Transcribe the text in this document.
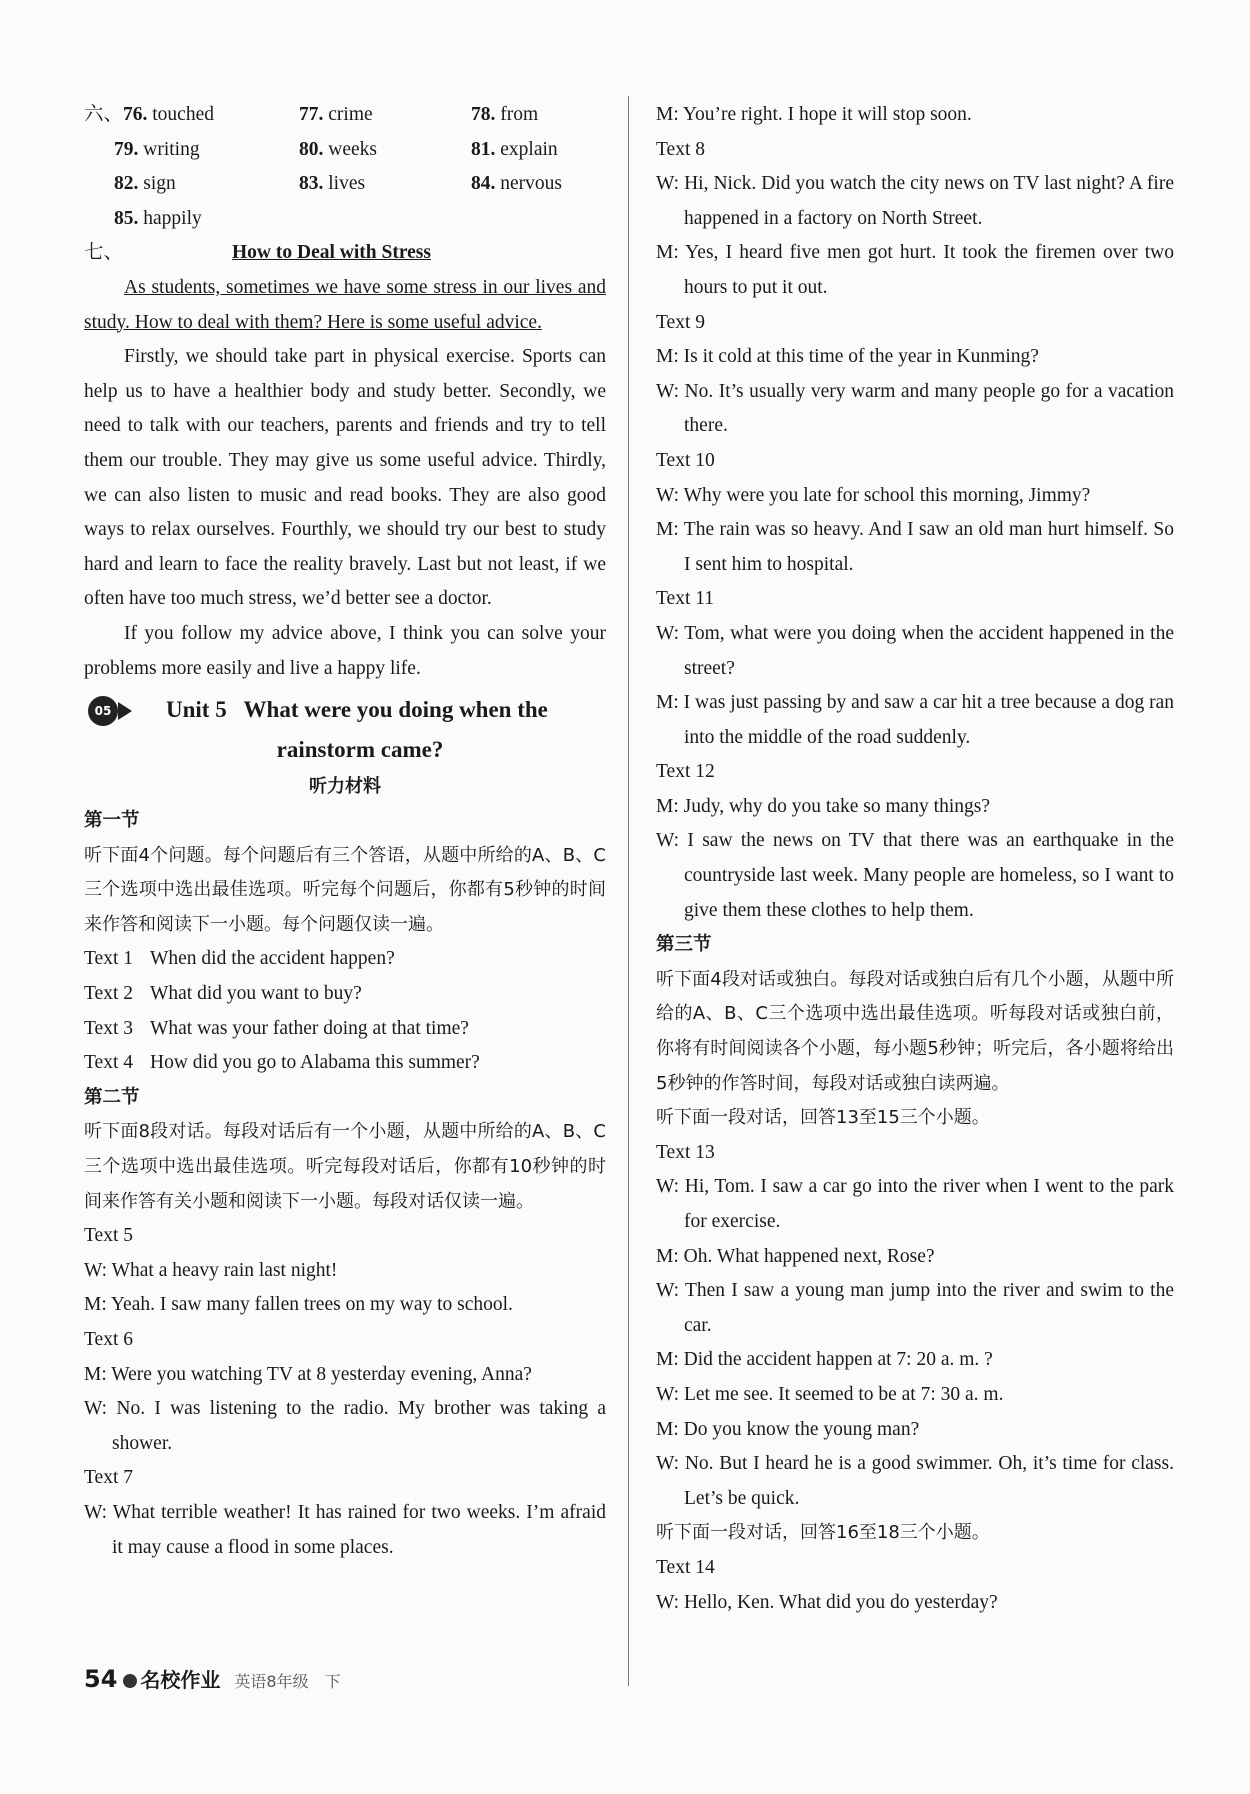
六、76. touched	77. crime	78. from
79. writing	80. weeks	81. explain
82. sign	83. lives	84. nervous
85. happily
七、	How to Deal with Stress
As students, sometimes we have some stress in our lives and study. How to deal with them? Here is some useful advice.
Firstly, we should take part in physical exercise. Sports can help us to have a healthier body and study better. Secondly, we need to talk with our teachers, parents and friends and try to tell them our trouble. They may give us some useful advice. Thirdly, we can also listen to music and read books. They are also good ways to relax ourselves. Fourthly, we should try our best to study hard and learn to face the reality bravely. Last but not least, if we often have too much stress, we’d better see a doctor.
If you follow my advice above, I think you can solve your problems more easily and live a happy life.
05	Unit 5   What were you doing when the
rainstorm came?
听力材料
第一节
听下面4个问题。每个问题后有三个答语，从题中所给的A、B、C三个选项中选出最佳选项。听完每个问题后，你都有5秒钟的时间来作答和阅读下一小题。每个问题仅读一遍。
Text 1 When did the accident happen?
Text 2 What did you want to buy?
Text 3 What was your father doing at that time?
Text 4 How did you go to Alabama this summer?
第二节
听下面8段对话。每段对话后有一个小题，从题中所给的A、B、C三个选项中选出最佳选项。听完每段对话后，你都有10秒钟的时间来作答有关小题和阅读下一小题。每段对话仅读一遍。
Text 5
W: What a heavy rain last night!
M: Yeah. I saw many fallen trees on my way to school.
Text 6
M: Were you watching TV at 8 yesterday evening, Anna?
W: No. I was listening to the radio. My brother was taking a shower.
Text 7
W: What terrible weather! It has rained for two weeks. I’m afraid it may cause a flood in some places.
M: You’re right. I hope it will stop soon.
Text 8
W: Hi, Nick. Did you watch the city news on TV last night? A fire happened in a factory on North Street.
M: Yes, I heard five men got hurt. It took the firemen over two hours to put it out.
Text 9
M: Is it cold at this time of the year in Kunming?
W: No. It’s usually very warm and many people go for a vacation there.
Text 10
W: Why were you late for school this morning, Jimmy?
M: The rain was so heavy. And I saw an old man hurt himself. So I sent him to hospital.
Text 11
W: Tom, what were you doing when the accident happened in the street?
M: I was just passing by and saw a car hit a tree because a dog ran into the middle of the road suddenly.
Text 12
M: Judy, why do you take so many things?
W: I saw the news on TV that there was an earthquake in the countryside last week. Many people are homeless, so I want to give them these clothes to help them.
第三节
听下面4段对话或独白。每段对话或独白后有几个小题，从题中所给的A、B、C三个选项中选出最佳选项。听每段对话或独白前，你将有时间阅读各个小题，每小题5秒钟；听完后，各小题将给出5秒钟的作答时间，每段对话或独白读两遍。
听下面一段对话，回答13至15三个小题。
Text 13
W: Hi, Tom. I saw a car go into the river when I went to the park for exercise.
M: Oh. What happened next, Rose?
W: Then I saw a young man jump into the river and swim to the car.
M: Did the accident happen at 7: 20 a. m. ?
W: Let me see. It seemed to be at 7: 30 a. m.
M: Do you know the young man?
W: No. But I heard he is a good swimmer. Oh, it’s time for class. Let’s be quick.
听下面一段对话，回答16至18三个小题。
Text 14
W: Hello, Ken. What did you do yesterday?
54	名校作业 英语8年级　下
